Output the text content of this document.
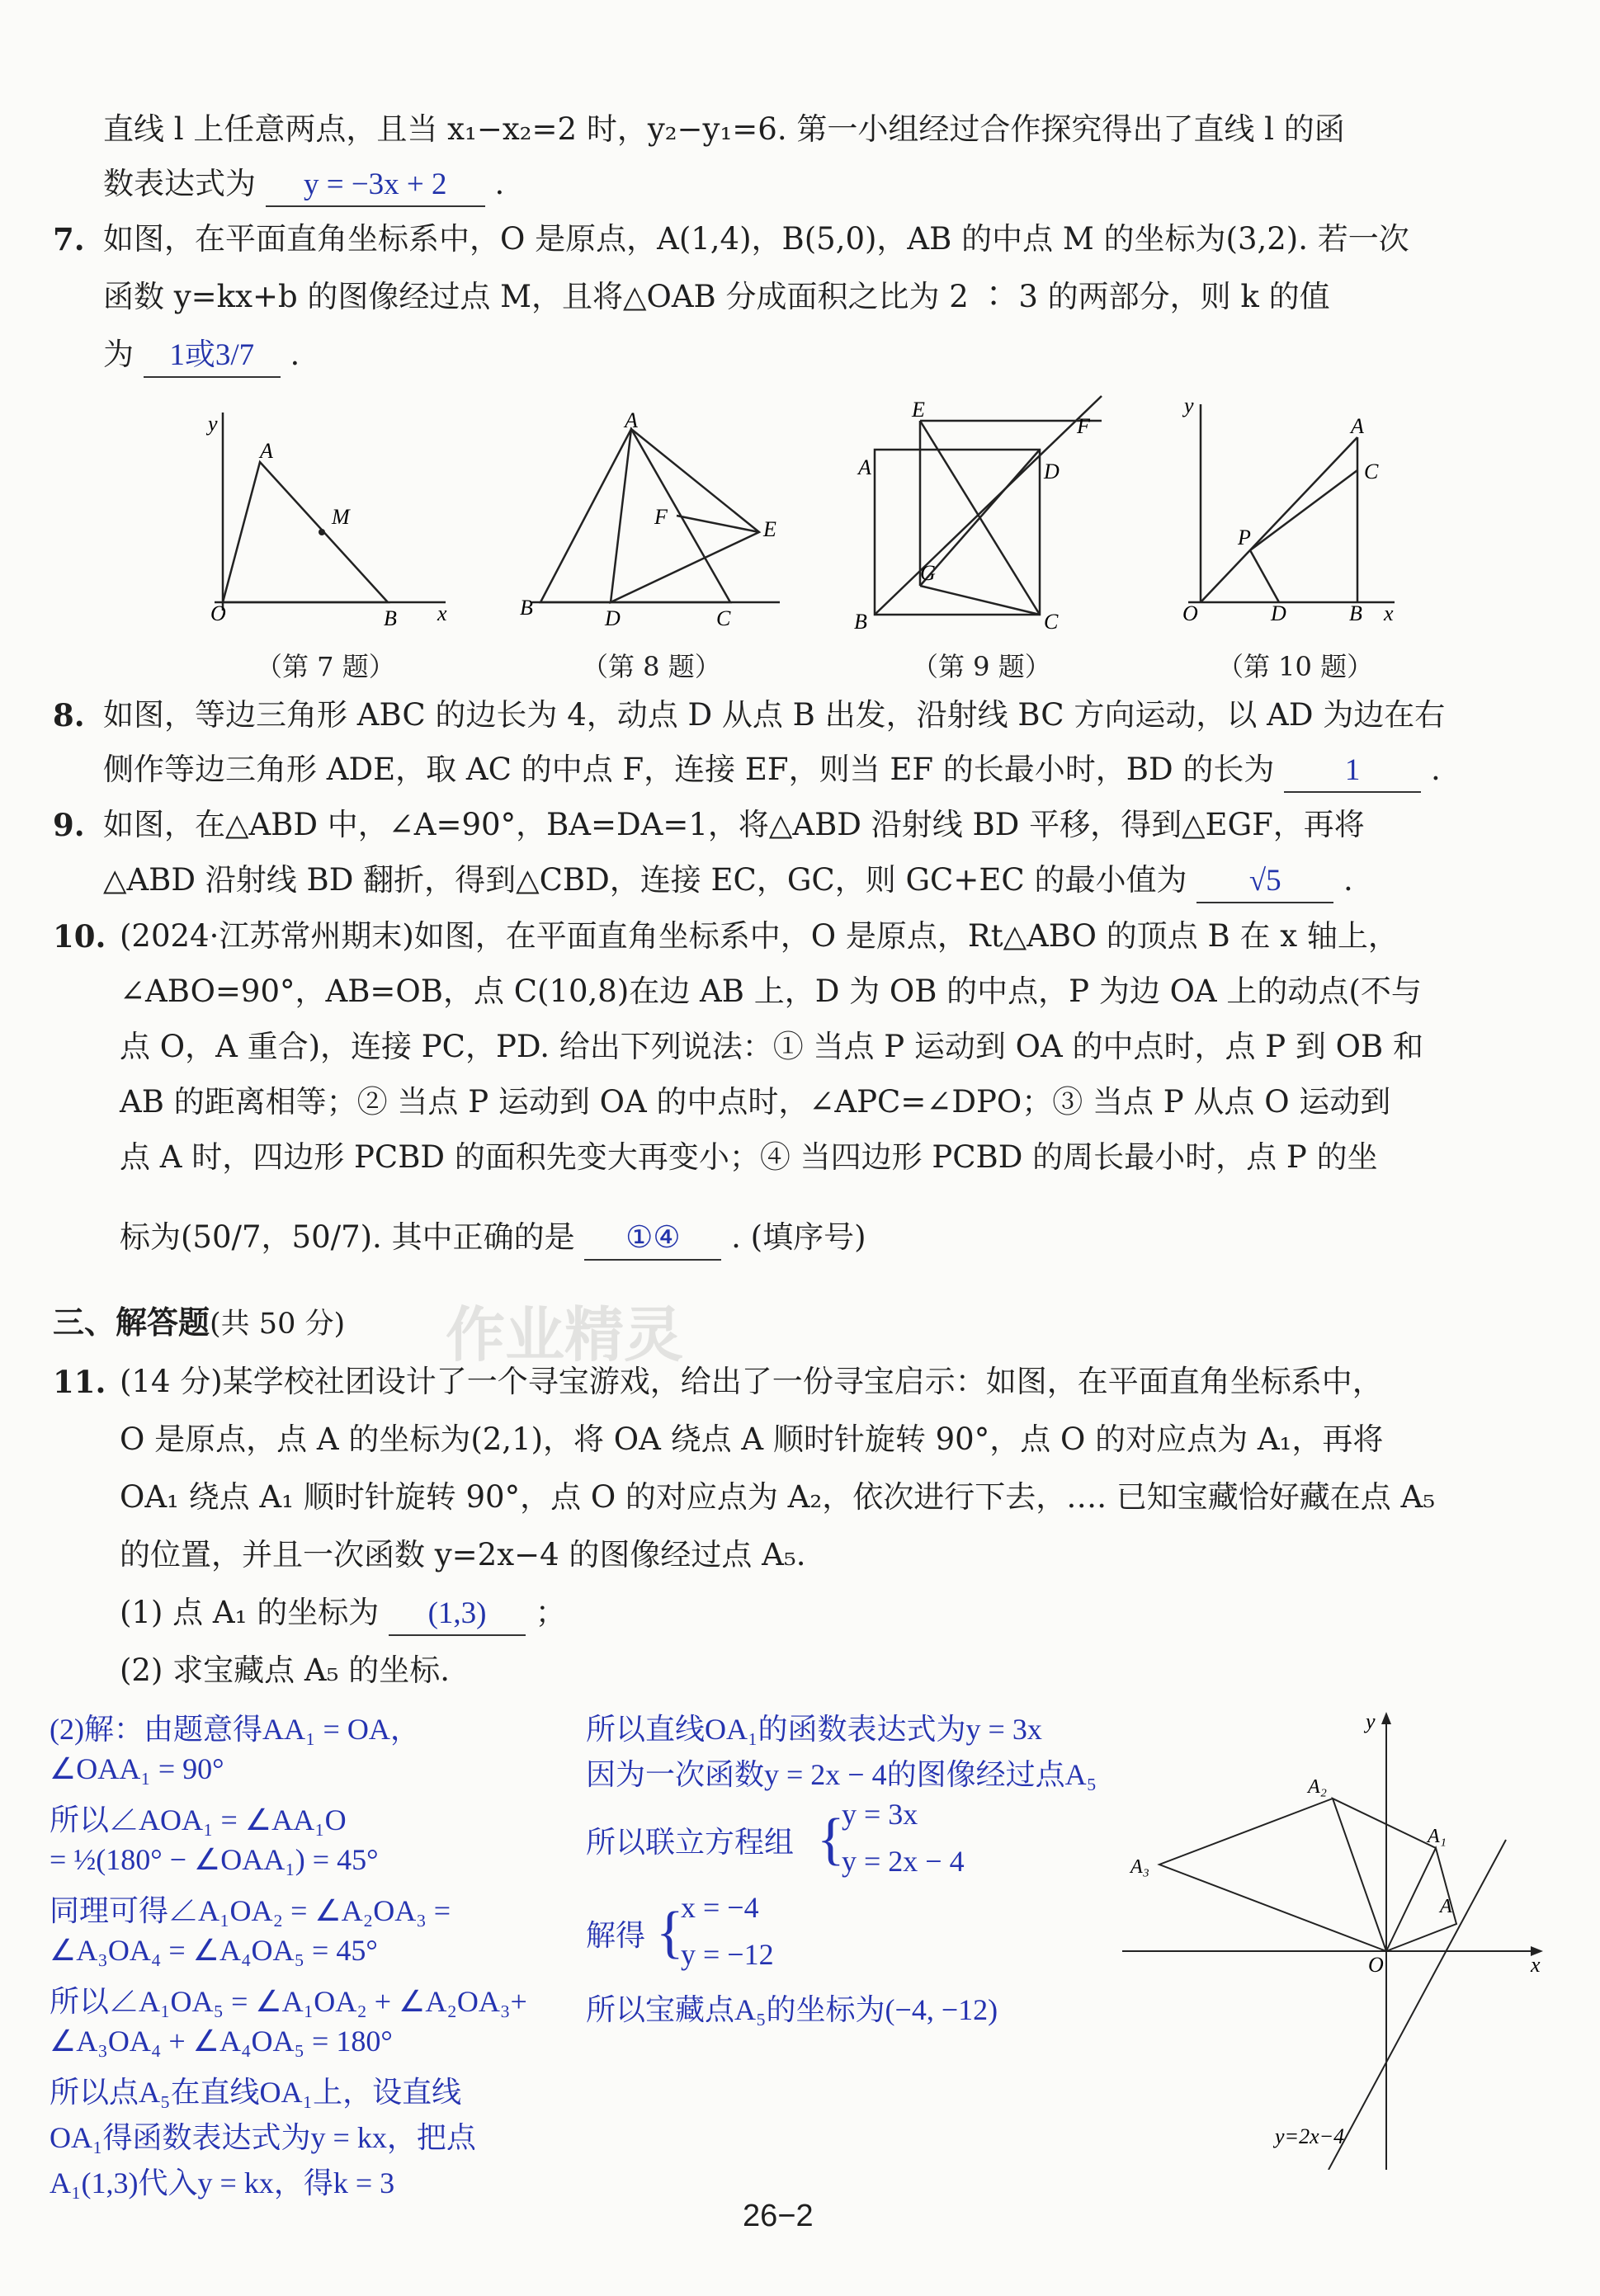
直线 l 上任意两点，且当 x₁−x₂=2 时，y₂−y₁=6. 第一小组经过合作探究得出了直线 l 的函
数表达式为 y = −3x + 2 .
7. 如图，在平面直角坐标系中，O 是原点，A(1,4)，B(5,0)，AB 的中点 M 的坐标为(3,2). 若一次
函数 y=kx+b 的图像经过点 M，且将△OAB 分成面积之比为 2 ∶ 3 的两部分，则 k 的值
为 1或3/7 .
y
A
M
O	B x
（第 7 题）
A
F
E
B	D	C
（第 8 题）
E
F
A	D
G
B	C
（第 9 题）
y
A
C
P
O	D	B x
（第 10 题）
8. 如图，等边三角形 ABC 的边长为 4，动点 D 从点 B 出发，沿射线 BC 方向运动，以 AD 为边在右
侧作等边三角形 ADE，取 AC 的中点 F，连接 EF，则当 EF 的长最小时，BD 的长为 1 .
9. 如图，在△ABD 中，∠A=90°，BA=DA=1，将△ABD 沿射线 BD 平移，得到△EGF，再将
△ABD 沿射线 BD 翻折，得到△CBD，连接 EC，GC，则 GC+EC 的最小值为 √5 .
10. (2024·江苏常州期末)如图，在平面直角坐标系中，O 是原点，Rt△ABO 的顶点 B 在 x 轴上，
∠ABO=90°，AB=OB，点 C(10,8)在边 AB 上，D 为 OB 的中点，P 为边 OA 上的动点(不与
点 O，A 重合)，连接 PC，PD. 给出下列说法：① 当点 P 运动到 OA 的中点时，点 P 到 OB 和
AB 的距离相等；② 当点 P 运动到 OA 的中点时，∠APC=∠DPO；③ 当点 P 从点 O 运动到
点 A 时，四边形 PCBD 的面积先变大再变小；④ 当四边形 PCBD 的周长最小时，点 P 的坐
标为(50/7，50/7). 其中正确的是 ①④ . (填序号)
三、解答题(共 50 分) 作业精灵
11. (14 分)某学校社团设计了一个寻宝游戏，给出了一份寻宝启示：如图，在平面直角坐标系中，
O 是原点，点 A 的坐标为(2,1)，将 OA 绕点 A 顺时针旋转 90°，点 O 的对应点为 A₁，再将
OA₁ 绕点 A₁ 顺时针旋转 90°，点 O 的对应点为 A₂，依次进行下去，…. 已知宝藏恰好藏在点 A₅
的位置，并且一次函数 y=2x−4 的图像经过点 A₅.
(1) 点 A₁ 的坐标为 (1,3) ；
(2) 求宝藏点 A₅ 的坐标.
(2)解：由题意得AA₁ = OA，
∠OAA₁ = 90°
所以∠AOA₁ = ∠AA₁O
= ½(180° − ∠OAA₁) = 45°
同理可得∠A₁OA₂ = ∠A₂OA₃ =
∠A₃OA₄ = ∠A₄OA₅ = 45°
所以∠A₁OA₅ = ∠A₁OA₂ + ∠A₂OA₃+
∠A₃OA₄ + ∠A₄OA₅ = 180°
所以点A₅在直线OA₁上，设直线
OA₁得函数表达式为y = kx，把点
A₁(1,3)代入y = kx，得k = 3
所以直线OA₁的函数表达式为y = 3x
因为一次函数y = 2x − 4的图像经过点A₅
所以联立方程组 {
y = 3x
y = 2x − 4
解得 {
x = −4
y = −12
所以宝藏点A₅的坐标为(−4, −12)
y
x
O
A
A₁
A₂
A₃
y=2x−4
26−2
